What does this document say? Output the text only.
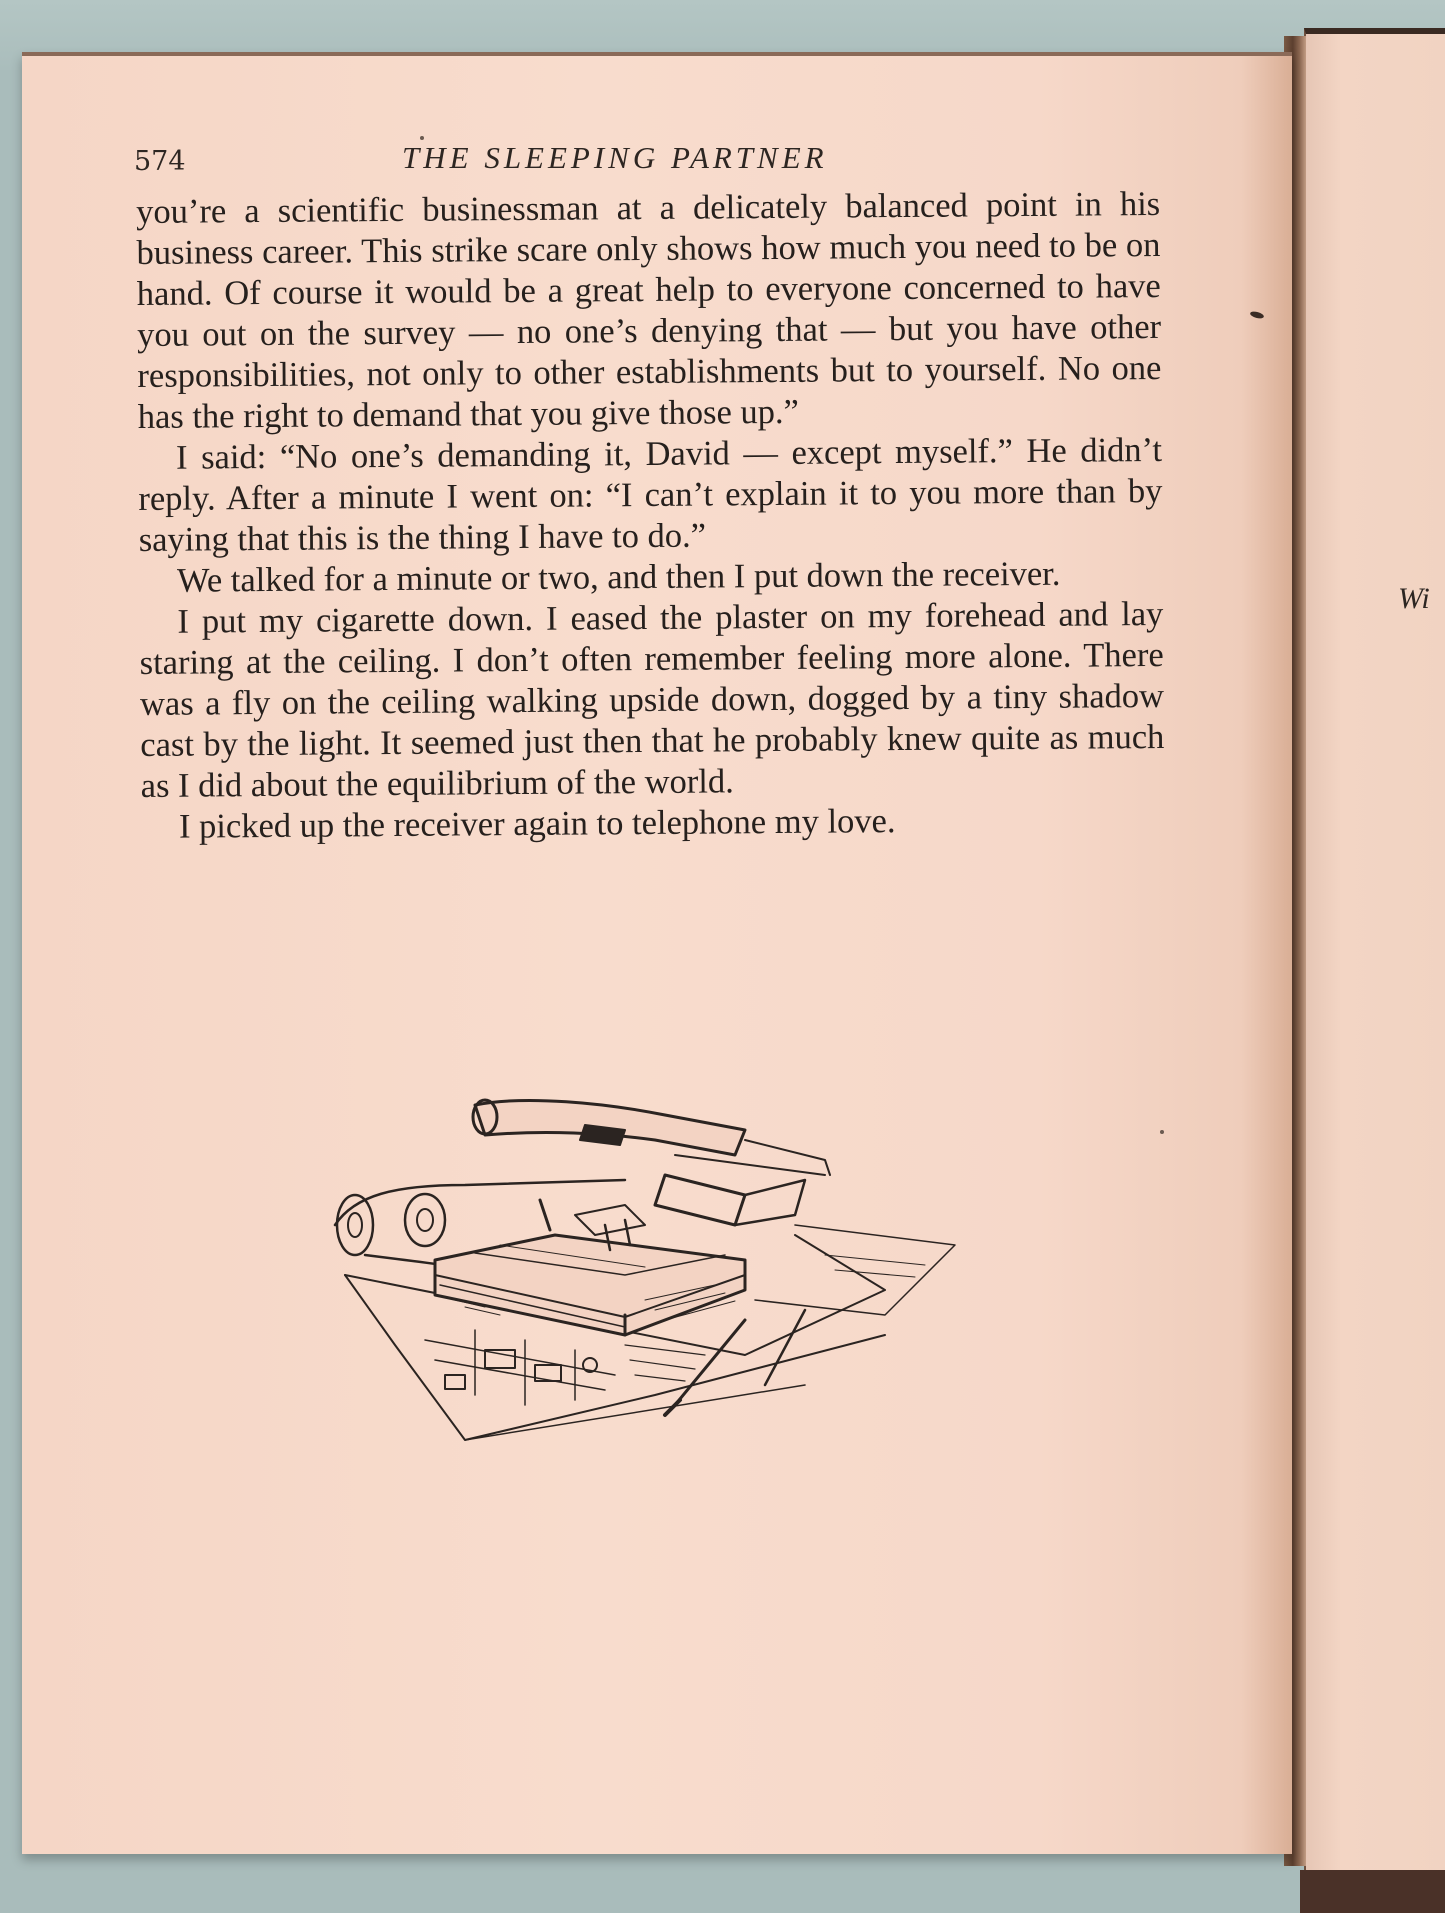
574	THE SLEEPING PARTNER

you’re a scientific businessman at a delicately balanced point in his business career. This strike scare only shows how much you need to be on hand. Of course it would be a great help to everyone concerned to have you out on the survey — no one’s denying that — but you have other responsibilities, not only to other establishments but to yourself. No one has the right to demand that you give those up.”

I said: “No one’s demanding it, David — except myself.” He didn’t reply. After a minute I went on: “I can’t explain it to you more than by saying that this is the thing I have to do.”

We talked for a minute or two, and then I put down the receiver.

I put my cigarette down. I eased the plaster on my forehead and lay staring at the ceiling. I don’t often remember feeling more alone. There was a fly on the ceiling walking upside down, dogged by a tiny shadow cast by the light. It seemed just then that he probably knew quite as much as I did about the equilibrium of the world.

I picked up the receiver again to telephone my love.

Wi
